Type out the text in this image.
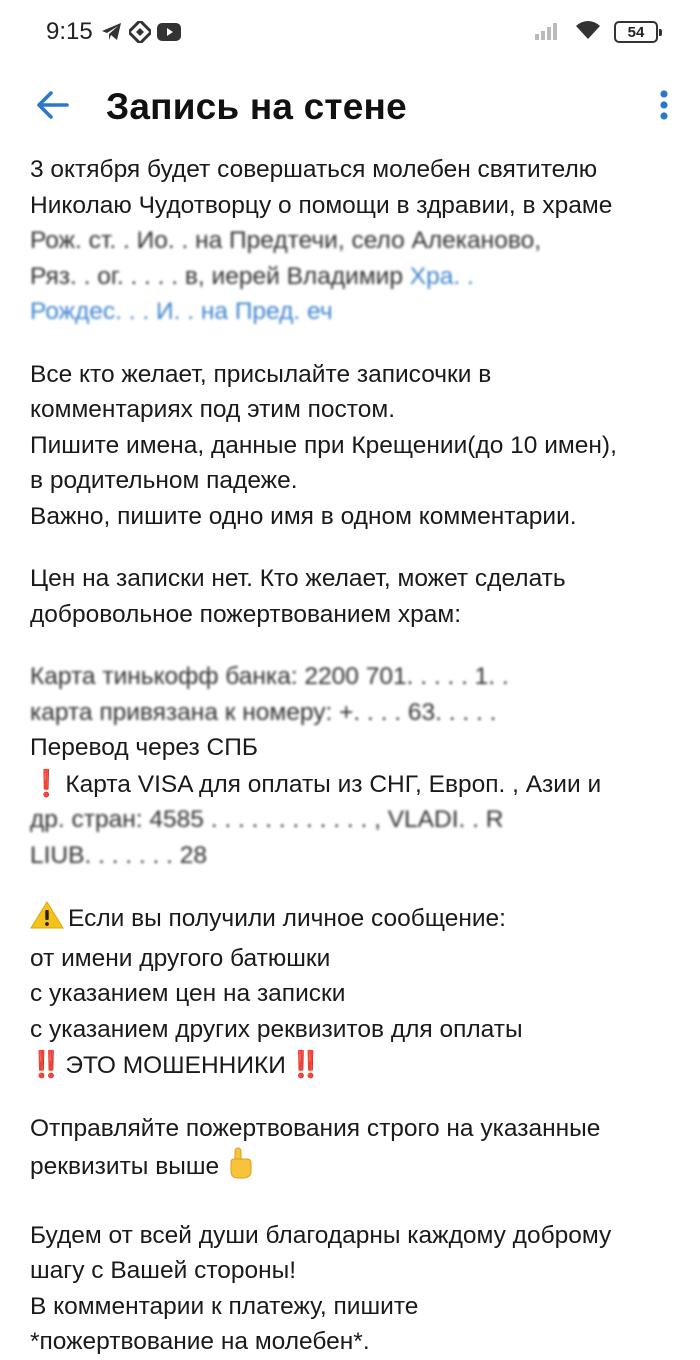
9:15	54
Запись на стене
3 октября будет совершаться молебен святителю
Николаю Чудотворцу о помощи в здравии, в храме
Рож. ст. . Ио. . на Предтечи, село Алеканово,
Ряз. . ог. . . . . в, иерей Владимир Хра. .
Рождес. . . И. . на Пред. еч
Все кто желает, присылайте записочки в
комментариях под этим постом.
Пишите имена, данные при Крещении(до 10 имен),
в родительном падеже.
Важно, пишите одно имя в одном комментарии.
Цен на записки нет. Кто желает, может сделать
добровольное пожертвованием храм:
Карта тинькофф банка: 2200 701. . . . . 1. .
карта привязана к номеру: +. . . . 63. . . . .
Перевод через СПБ
❗ Карта VISA для оплаты из СНГ, Европ. , Азии и
др. стран: 4585 . . . . . . . . . . . . , VLADI. . R
LIUB. . . . . . . 28
Если вы получили личное сообщение:
от имени другого батюшки
с указанием цен на записки
с указанием других реквизитов для оплаты
‼️ ЭТО МОШЕННИКИ ‼️
Отправляйте пожертвования строго на указанные
реквизиты выше
Будем от всей души благодарны каждому доброму
шагу с Вашей стороны!
В комментарии к платежу, пишите
*пожертвование на молебен*.
